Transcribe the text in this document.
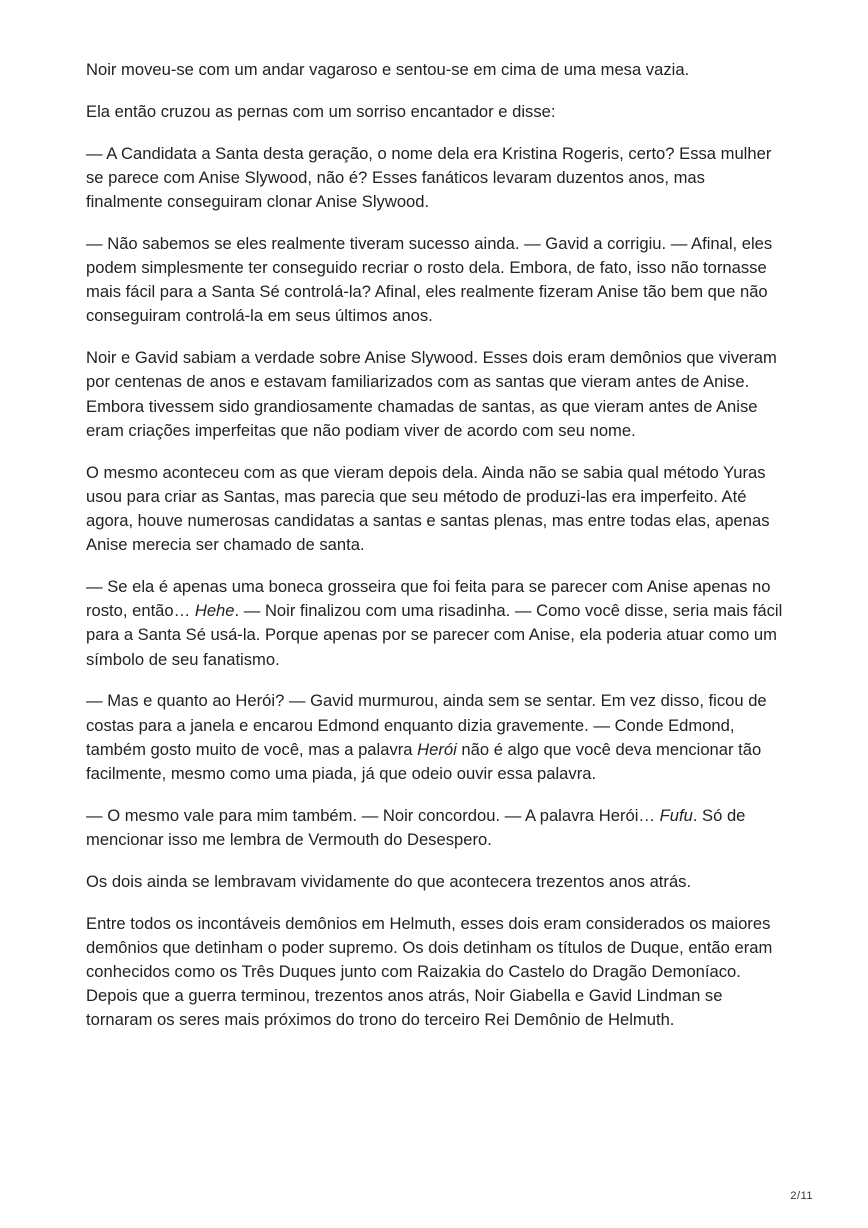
Noir moveu-se com um andar vagaroso e sentou-se em cima de uma mesa vazia.

Ela então cruzou as pernas com um sorriso encantador e disse:

— A Candidata a Santa desta geração, o nome dela era Kristina Rogeris, certo? Essa mulher se parece com Anise Slywood, não é? Esses fanáticos levaram duzentos anos, mas finalmente conseguiram clonar Anise Slywood.

— Não sabemos se eles realmente tiveram sucesso ainda. — Gavid a corrigiu. — Afinal, eles podem simplesmente ter conseguido recriar o rosto dela. Embora, de fato, isso não tornasse mais fácil para a Santa Sé controlá-la? Afinal, eles realmente fizeram Anise tão bem que não conseguiram controlá-la em seus últimos anos.

Noir e Gavid sabiam a verdade sobre Anise Slywood. Esses dois eram demônios que viveram por centenas de anos e estavam familiarizados com as santas que vieram antes de Anise. Embora tivessem sido grandiosamente chamadas de santas, as que vieram antes de Anise eram criações imperfeitas que não podiam viver de acordo com seu nome.

O mesmo aconteceu com as que vieram depois dela. Ainda não se sabia qual método Yuras usou para criar as Santas, mas parecia que seu método de produzi-las era imperfeito. Até agora, houve numerosas candidatas a santas e santas plenas, mas entre todas elas, apenas Anise merecia ser chamado de santa.

— Se ela é apenas uma boneca grosseira que foi feita para se parecer com Anise apenas no rosto, então… Hehe. — Noir finalizou com uma risadinha. — Como você disse, seria mais fácil para a Santa Sé usá-la. Porque apenas por se parecer com Anise, ela poderia atuar como um símbolo de seu fanatismo.

— Mas e quanto ao Herói? — Gavid murmurou, ainda sem se sentar. Em vez disso, ficou de costas para a janela e encarou Edmond enquanto dizia gravemente. — Conde Edmond, também gosto muito de você, mas a palavra Herói não é algo que você deva mencionar tão facilmente, mesmo como uma piada, já que odeio ouvir essa palavra.

— O mesmo vale para mim também. — Noir concordou. — A palavra Herói… Fufu. Só de mencionar isso me lembra de Vermouth do Desespero.

Os dois ainda se lembravam vividamente do que acontecera trezentos anos atrás.

Entre todos os incontáveis demônios em Helmuth, esses dois eram considerados os maiores demônios que detinham o poder supremo. Os dois detinham os títulos de Duque, então eram conhecidos como os Três Duques junto com Raizakia do Castelo do Dragão Demoníaco. Depois que a guerra terminou, trezentos anos atrás, Noir Giabella e Gavid Lindman se tornaram os seres mais próximos do trono do terceiro Rei Demônio de Helmuth.

2/11
